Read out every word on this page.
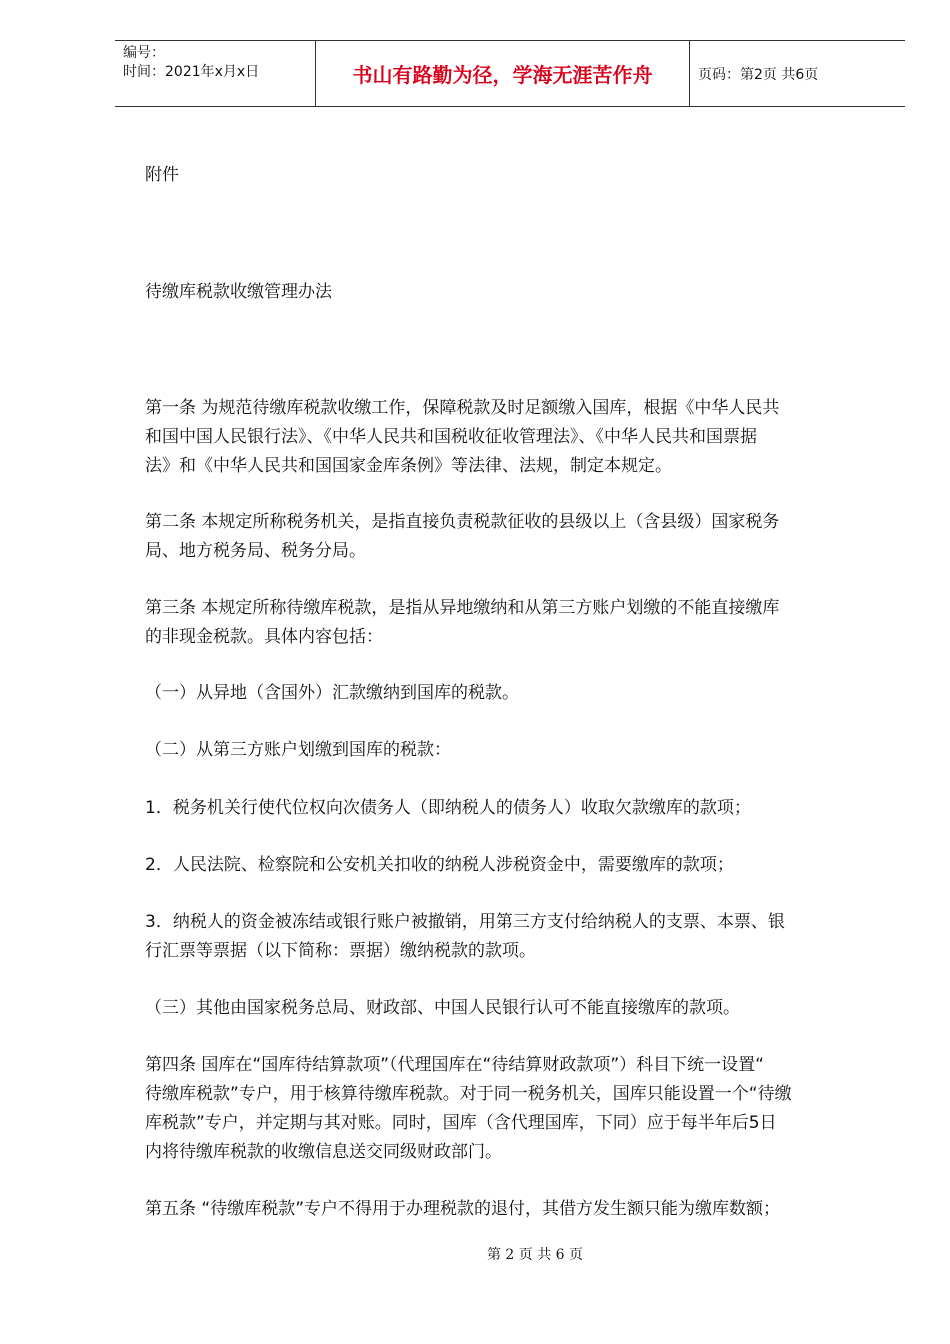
编号：
时间：2021年x月x日	书山有路勤为径，学海无涯苦作舟	页码：第2页 共6页
附件
待缴库税款收缴管理办法
第一条 为规范待缴库税款收缴工作，保障税款及时足额缴入国库，根据《中华人民共
和国中国人民银行法》、《中华人民共和国税收征收管理法》、《中华人民共和国票据
法》和《中华人民共和国国家金库条例》等法律、法规，制定本规定。
第二条 本规定所称税务机关，是指直接负责税款征收的县级以上（含县级）国家税务
局、地方税务局、税务分局。
第三条 本规定所称待缴库税款，是指从异地缴纳和从第三方账户划缴的不能直接缴库
的非现金税款。具体内容包括：
（一）从异地（含国外）汇款缴纳到国库的税款。
（二）从第三方账户划缴到国库的税款：
1．税务机关行使代位权向次债务人（即纳税人的债务人）收取欠款缴库的款项；
2．人民法院、检察院和公安机关扣收的纳税人涉税资金中，需要缴库的款项；
3．纳税人的资金被冻结或银行账户被撤销，用第三方支付给纳税人的支票、本票、银
行汇票等票据（以下简称：票据）缴纳税款的款项。
（三）其他由国家税务总局、财政部、中国人民银行认可不能直接缴库的款项。
第四条 国库在“国库待结算款项”（代理国库在“待结算财政款项”）科目下统一设置“
待缴库税款”专户，用于核算待缴库税款。对于同一税务机关，国库只能设置一个“待缴
库税款”专户，并定期与其对账。同时，国库（含代理国库，下同）应于每半年后5日
内将待缴库税款的收缴信息送交同级财政部门。
第五条 “待缴库税款”专户不得用于办理税款的退付，其借方发生额只能为缴库数额；
第 2 页 共 6 页
